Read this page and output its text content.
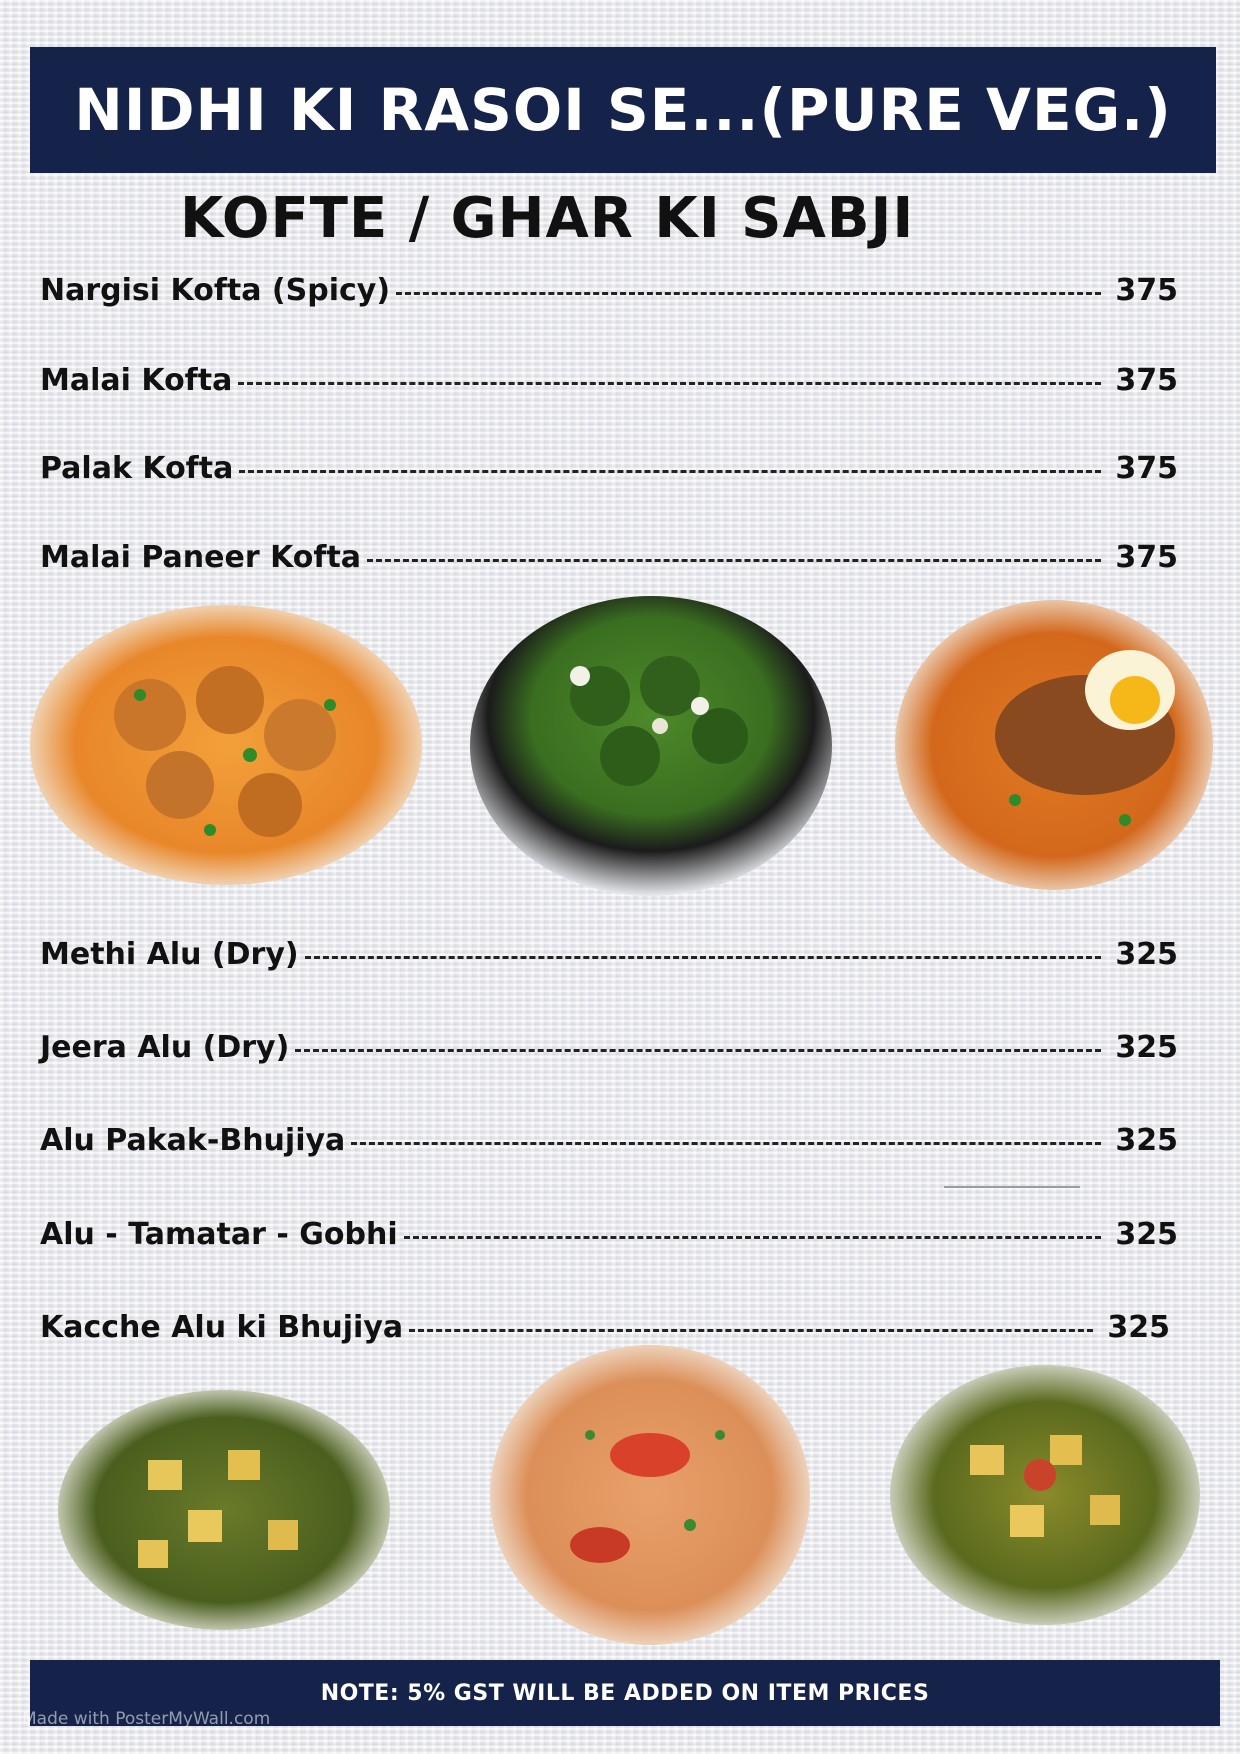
NIDHI KI RASOI SE...(PURE VEG.)
KOFTE / GHAR KI SABJI
Nargisi Kofta (Spicy)	375
Malai Kofta	375
Palak Kofta	375
Malai Paneer Kofta	375
Methi Alu (Dry)	325
Jeera Alu (Dry)	325
Alu Pakak-Bhujiya	325
Alu - Tamatar - Gobhi	325
Kacche Alu ki Bhujiya	325
NOTE: 5% GST WILL BE ADDED ON ITEM PRICES
Made with PosterMyWall.com
